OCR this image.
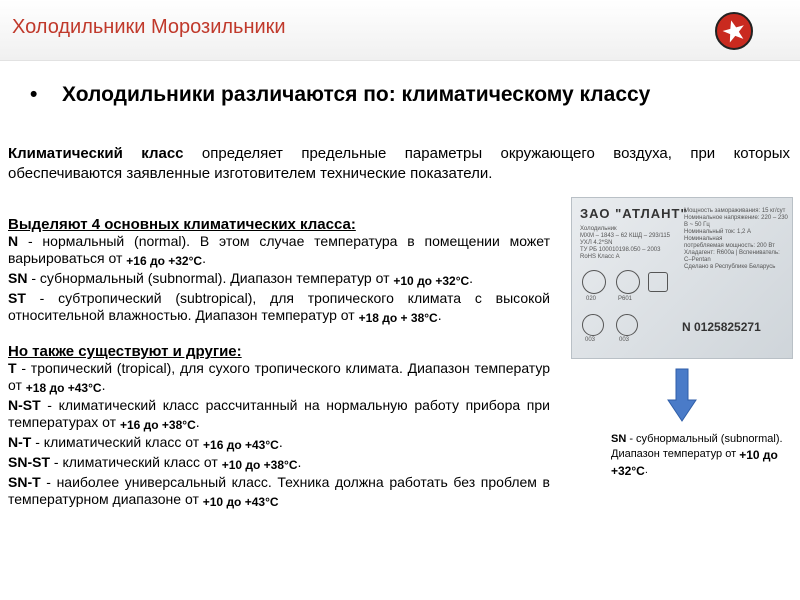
Холодильники Морозильники
• Холодильники различаются по: климатическому классу
Климатический класс определяет предельные параметры окружающего воздуха, при которых обеспечиваются заявленные изготовителем технические показатели.

Выделяют 4 основных климатических класса:

N - нормальный (normal). В этом случае температура в помещении может варьироваться от +16 до +32°С.

SN - субнормальный (subnormal). Диапазон температур от +10 до +32°С.

ST - субтропический (subtropical), для тропического климата с высокой относительной влажностью. Диапазон температур от +18 до + 38°С.

Но также существуют и другие:

T - тропический (tropical), для сухого тропического климата. Диапазон температур от +18 до +43°С.

N-ST - климатический класс рассчитанный на нормальную работу прибора при температурах от +16 до +38°С.

N-T - климатический класс от +16 до +43°С.

SN-ST - климатический класс от +10 до +38°С.

SN-T - наиболее универсальный класс. Техника должна работать без проблем в температурном диапазоне от +10 до +43°С

ЗАО "АТЛАНТ"
Холодильник
МХМ – 1843 – 62 КШД – 293/115
УХЛ 4.2*SN
ТУ РБ 100010198.050 – 2003
RoHS Класс А
Мощность замораживания: 15 кг/сут
Номинальное напряжение: 220 – 230 В ~ 50 Гц
Номинальный ток: 1,2 А
Номинальная
потребляемая мощность: 200 Вт
Хладагент: R600a | Вспениватель: С–Pentan
Сделано в Республике Беларусь
020	Р601
003	003
N 0125825271
SN - субнормальный (subnormal). Диапазон температур от +10 до +32°С.
